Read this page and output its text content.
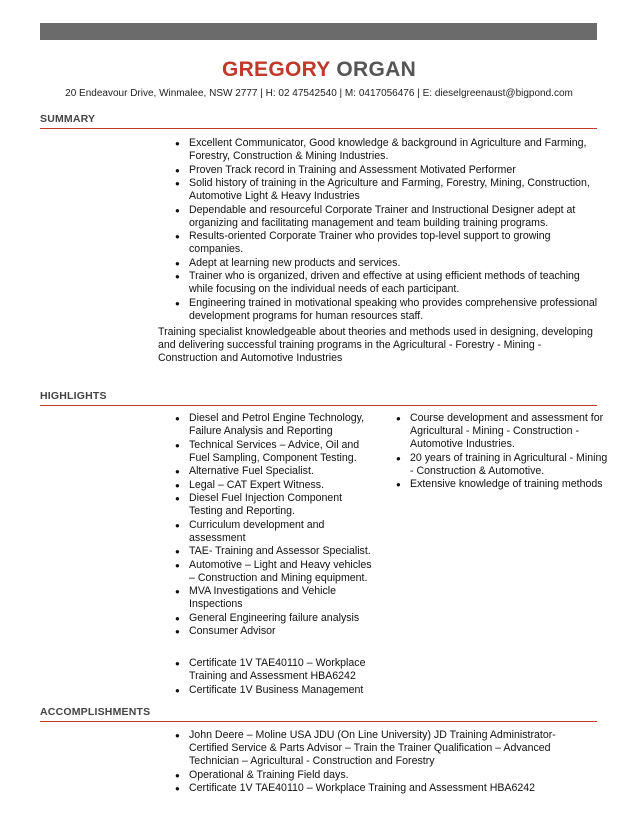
GREGORY ORGAN
20 Endeavour Drive, Winmalee, NSW 2777 | H: 02 47542540 | M: 0417056476 | E: dieselgreenaust@bigpond.com
SUMMARY
● Excellent Communicator, Good knowledge & background in Agriculture and Farming, Forestry, Construction & Mining Industries.
● Proven Track record in Training and Assessment Motivated Performer
● Solid history of training in the Agriculture and Farming, Forestry, Mining, Construction, Automotive Light & Heavy Industries
● Dependable and resourceful Corporate Trainer and Instructional Designer adept at organizing and facilitating management and team building training programs.
● Results-oriented Corporate Trainer who provides top-level support to growing companies.
● Adept at learning new products and services.
● Trainer who is organized, driven and effective at using efficient methods of teaching while focusing on the individual needs of each participant.
● Engineering trained in motivational speaking who provides comprehensive professional development programs for human resources staff.
Training specialist knowledgeable about theories and methods used in designing, developing and delivering successful training programs in the Agricultural - Forestry - Mining - Construction and Automotive Industries
HIGHLIGHTS
● Diesel and Petrol Engine Technology, Failure Analysis and Reporting
● Technical Services – Advice, Oil and Fuel Sampling, Component Testing.
● Alternative Fuel Specialist.
● Legal – CAT Expert Witness.
● Diesel Fuel Injection Component Testing and Reporting.
● Curriculum development and assessment
● TAE- Training and Assessor Specialist.
● Automotive – Light and Heavy vehicles – Construction and Mining equipment.
● MVA Investigations and Vehicle Inspections
● General Engineering failure analysis
● Consumer Advisor
● Certificate 1V TAE40110 – Workplace Training and Assessment HBA6242
● Certificate 1V Business Management
● Course development and assessment for Agricultural - Mining - Construction - Automotive Industries.
● 20 years of training in Agricultural - Mining - Construction & Automotive.
● Extensive knowledge of training methods
ACCOMPLISHMENTS
● John Deere – Moline USA JDU (On Line University) JD Training Administrator- Certified Service & Parts Advisor – Train the Trainer Qualification – Advanced Technician – Agricultural - Construction and Forestry
● Operational & Training Field days.
● Certificate 1V TAE40110 – Workplace Training and Assessment HBA6242
